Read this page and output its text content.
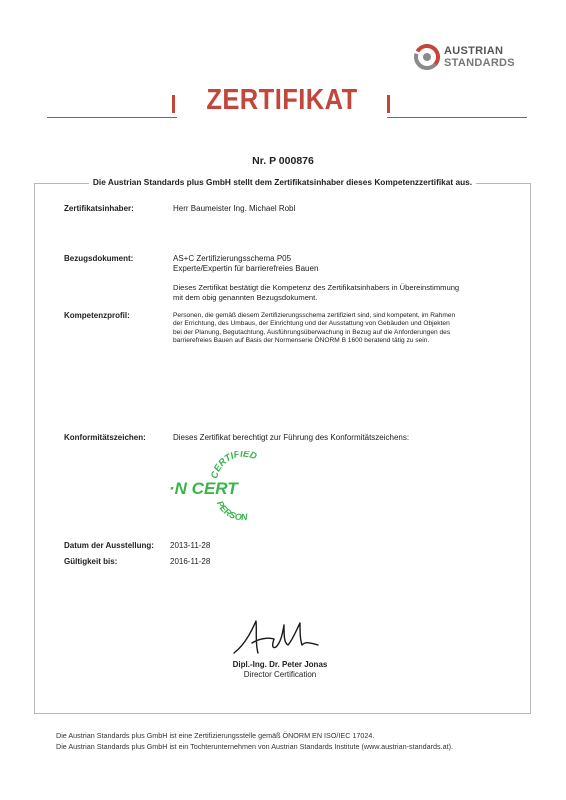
AUSTRIAN
STANDARDS
ZERTIFIKAT
Nr. P 000876
Die Austrian Standards plus GmbH stellt dem Zertifikatsinhaber dieses Kompetenzzertifikat aus.
Zertifikatsinhaber:	Herr Baumeister Ing. Michael Robl
Bezugsdokument:	AS+C Zertifizierungsschema P05
Experte/Expertin für barrierefreies Bauen
Dieses Zertifikat bestätigt die Kompetenz des Zertifikatsinhabers in Übereinstimmung
mit dem obig genannten Bezugsdokument.
Kompetenzprofil:	Personen, die gemäß diesem Zertifizierungsschema zertifiziert sind, sind kompetent, im Rahmen
der Errichtung, des Umbaus, der Einrichtung und der Ausstattung von Gebäuden und Objekten
bei der Planung, Begutachtung, Ausführungsüberwachung in Bezug auf die Anforderungen des
barrierefreies Bauen auf Basis der Normenserie ÖNORM B 1600 beratend tätig zu sein.
Konformitätszeichen:	Dieses Zertifikat berechtigt zur Führung des Konformitätszeichens:
CERTIFIED
·N CERT
PERSON
Datum der Ausstellung: 2013-11-28
Gültigkeit bis:	2016-11-28
Dipl.-Ing. Dr. Peter Jonas
Director Certification
Die Austrian Standards plus GmbH ist eine Zertifizierungsstelle gemäß ÖNORM EN ISO/IEC 17024.
Die Austrian Standards plus GmbH ist ein Tochterunternehmen von Austrian Standards Institute (www.austrian-standards.at).
